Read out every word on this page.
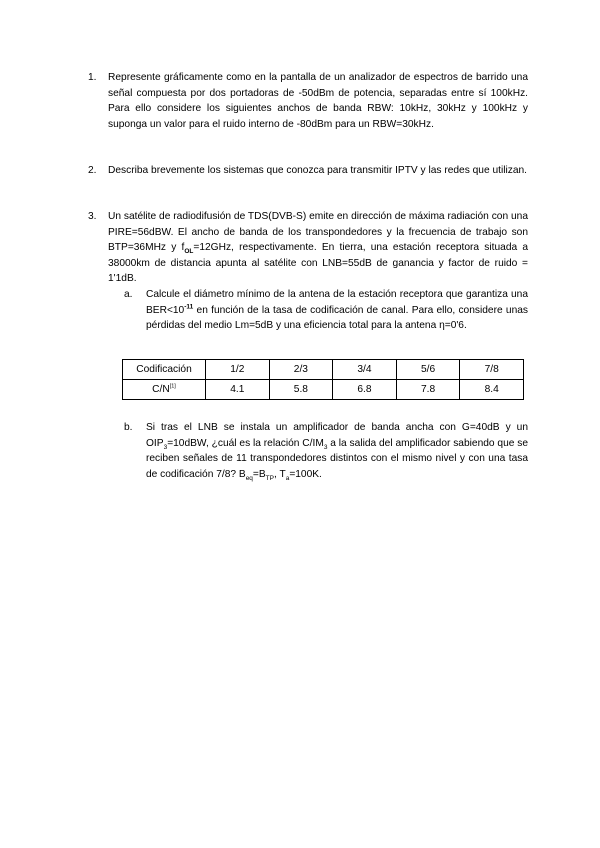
1.	Represente gráficamente como en la pantalla de un analizador de espectros de barrido una señal compuesta por dos portadoras de -50dBm de potencia, separadas entre sí 100kHz. Para ello considere los siguientes anchos de banda RBW: 10kHz, 30kHz y 100kHz y suponga un valor para el ruido interno de -80dBm para un RBW=30kHz.

2.	Describa brevemente los sistemas que conozca para transmitir IPTV y las redes que utilizan.

3.	Un satélite de radiodifusión de TDS(DVB-S) emite en dirección de máxima radiación con una PIRE=56dBW. El ancho de banda de los transpondedores y la frecuencia de trabajo son BTP=36MHz y $f_{OL}=12GHz$, respectivamente. En tierra, una estación receptora situada a 38000km de distancia apunta al satélite con LNB=55dB de ganancia y factor de ruido = 1'1dB.

a. Calcule el diámetro mínimo de la antena de la estación receptora que garantiza una $BER<10^{-11}$ en función de la tasa de codificación de canal. Para ello, considere unas pérdidas del medio Lm=5dB y una eficiencia total para la antena η=0'6.

Codificación	1/2	2/3	3/4	5/6	7/8
C/N[1]	4.1	5.8	6.8	7.8	8.4
b. Si tras el LNB se instala un amplificador de banda ancha con G=40dB y un $OIP_3=10dBW$, ¿cuál es la relación $C/IM_3$ a la salida del amplificador sabiendo que se reciben señales de 11 transpondedores distintos con el mismo nivel y con una tasa de codificación 7/8? $B_{eq}=B_{TP}$, $T_a=100K$.
